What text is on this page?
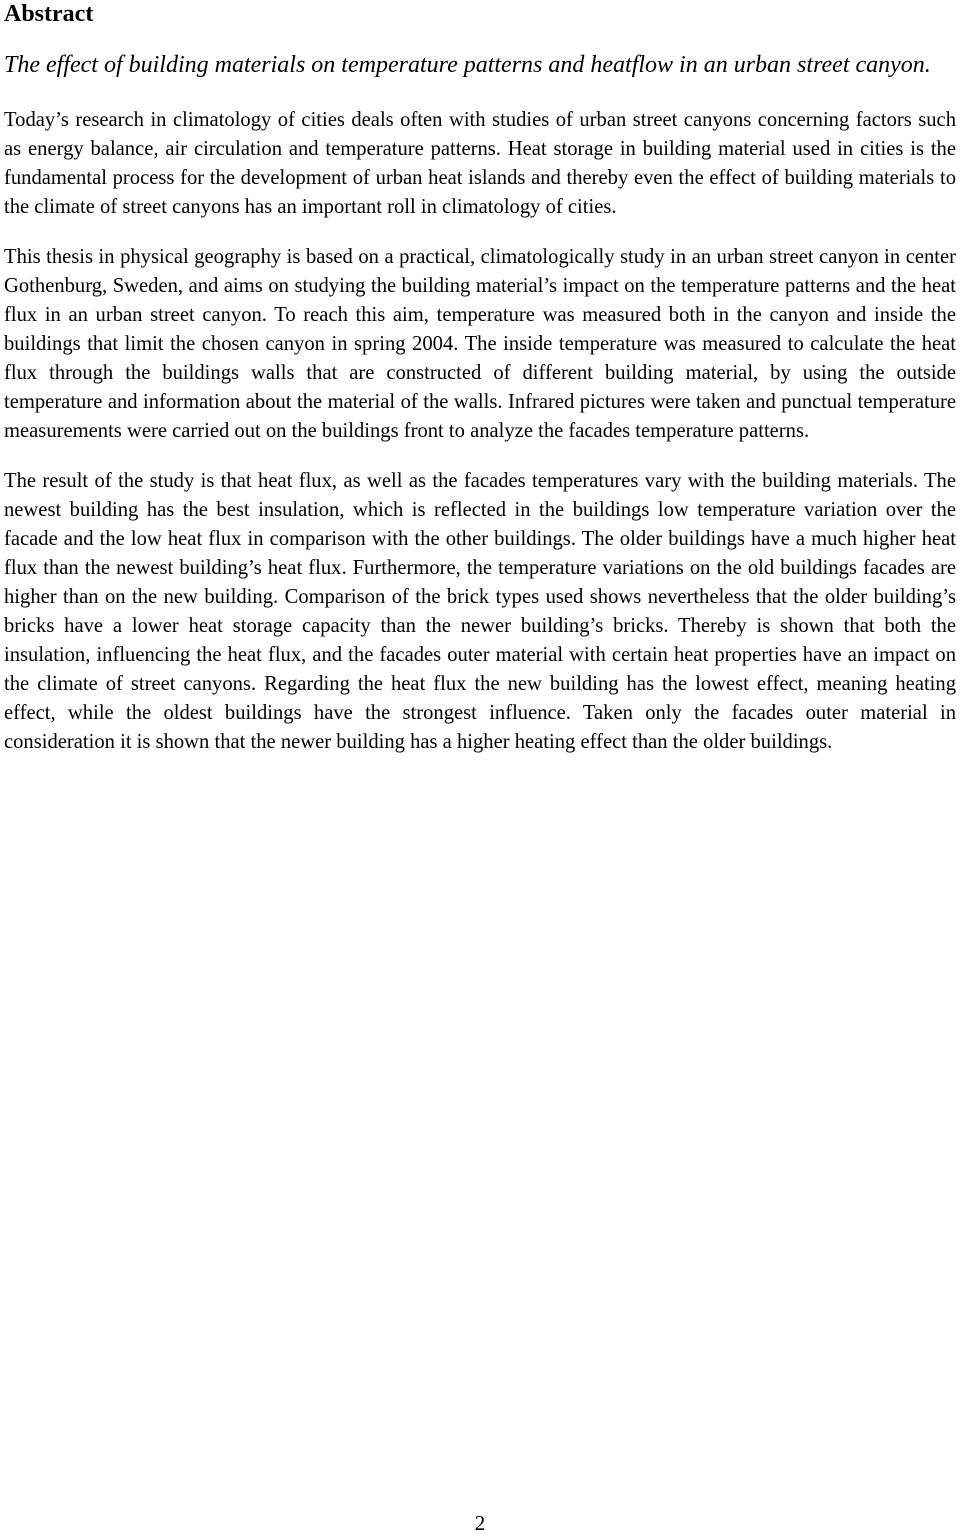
Abstract

The effect of building materials on temperature patterns and heatflow in an urban street canyon.

Today’s research in climatology of cities deals often with studies of urban street canyons concerning factors such as energy balance, air circulation and temperature patterns. Heat storage in building material used in cities is the fundamental process for the development of urban heat islands and thereby even the effect of building materials to the climate of street canyons has an important roll in climatology of cities.

This thesis in physical geography is based on a practical, climatologically study in an urban street canyon in center Gothenburg, Sweden, and aims on studying the building material’s impact on the temperature patterns and the heat flux in an urban street canyon. To reach this aim, temperature was measured both in the canyon and inside the buildings that limit the chosen canyon in spring 2004. The inside temperature was measured to calculate the heat flux through the buildings walls that are constructed of different building material, by using the outside temperature and information about the material of the walls. Infrared pictures were taken and punctual temperature measurements were carried out on the buildings front to analyze the facades temperature patterns.

The result of the study is that heat flux, as well as the facades temperatures vary with the building materials. The newest building has the best insulation, which is reflected in the buildings low temperature variation over the facade and the low heat flux in comparison with the other buildings. The older buildings have a much higher heat flux than the newest building’s heat flux. Furthermore, the temperature variations on the old buildings facades are higher than on the new building. Comparison of the brick types used shows nevertheless that the older building’s bricks have a lower heat storage capacity than the newer building’s bricks. Thereby is shown that both the insulation, influencing the heat flux, and the facades outer material with certain heat properties have an impact on the climate of street canyons. Regarding the heat flux the new building has the lowest effect, meaning heating effect, while the oldest buildings have the strongest influence. Taken only the facades outer material in consideration it is shown that the newer building has a higher heating effect than the older buildings.

2
